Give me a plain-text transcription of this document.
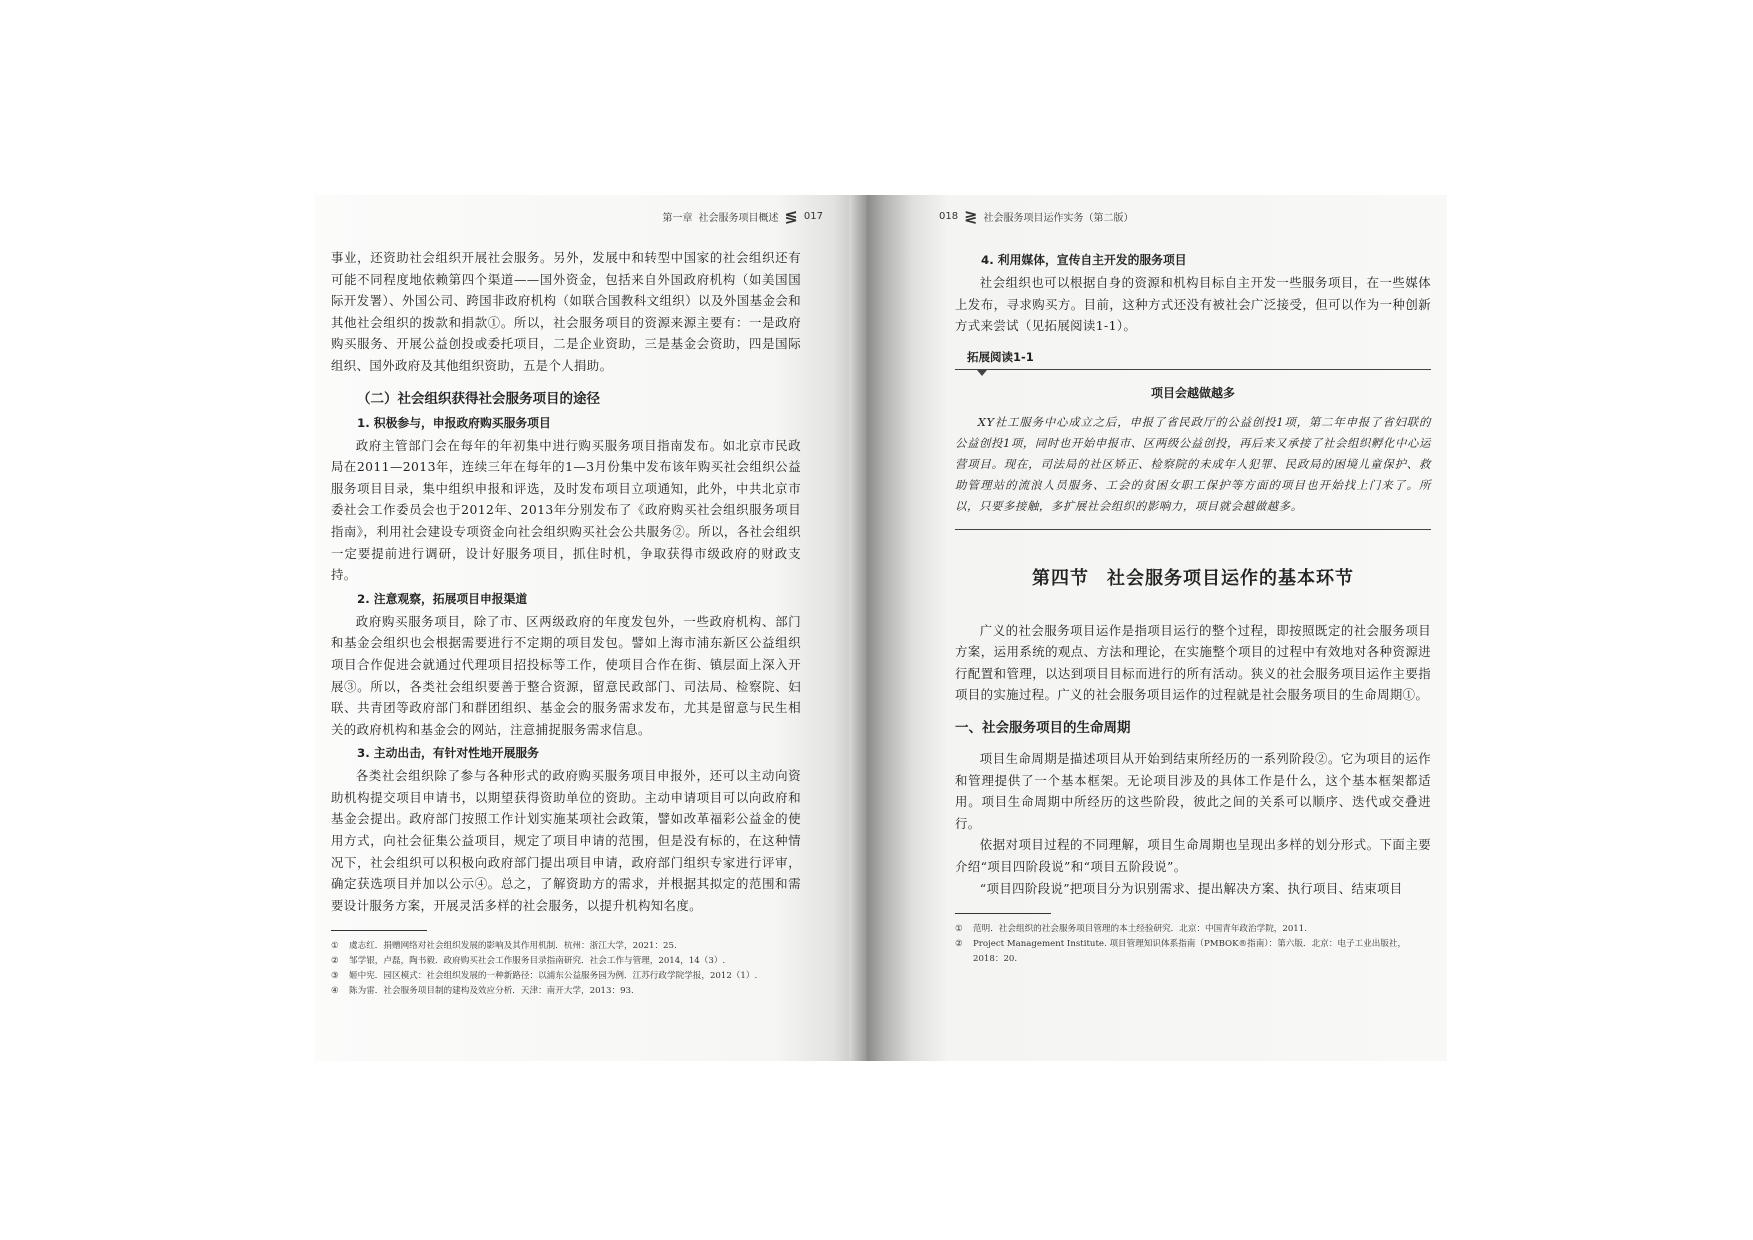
第一章 社会服务项目概述 ≶ 017

事业，还资助社会组织开展社会服务。另外，发展中和转型中国家的社会组织还有可能不同程度地依赖第四个渠道——国外资金，包括来自外国政府机构（如美国国际开发署）、外国公司、跨国非政府机构（如联合国教科文组织）以及外国基金会和其他社会组织的拨款和捐款①。所以，社会服务项目的资源来源主要有：一是政府购买服务、开展公益创投或委托项目，二是企业资助，三是基金会资助，四是国际组织、国外政府及其他组织资助，五是个人捐助。

（二）社会组织获得社会服务项目的途径
1. 积极参与，申报政府购买服务项目

政府主管部门会在每年的年初集中进行购买服务项目指南发布。如北京市民政局在2011—2013年，连续三年在每年的1—3月份集中发布该年购买社会组织公益服务项目目录，集中组织申报和评选，及时发布项目立项通知，此外，中共北京市委社会工作委员会也于2012年、2013年分别发布了《政府购买社会组织服务项目指南》，利用社会建设专项资金向社会组织购买社会公共服务②。所以，各社会组织一定要提前进行调研，设计好服务项目，抓住时机，争取获得市级政府的财政支持。

2. 注意观察，拓展项目申报渠道

政府购买服务项目，除了市、区两级政府的年度发包外，一些政府机构、部门和基金会组织也会根据需要进行不定期的项目发包。譬如上海市浦东新区公益组织项目合作促进会就通过代理项目招投标等工作，使项目合作在街、镇层面上深入开展③。所以，各类社会组织要善于整合资源，留意民政部门、司法局、检察院、妇联、共青团等政府部门和群团组织、基金会的服务需求发布，尤其是留意与民生相关的政府机构和基金会的网站，注意捕捉服务需求信息。

3. 主动出击，有针对性地开展服务

各类社会组织除了参与各种形式的政府购买服务项目申报外，还可以主动向资助机构提交项目申请书，以期望获得资助单位的资助。主动申请项目可以向政府和基金会提出。政府部门按照工作计划实施某项社会政策，譬如改革福彩公益金的使用方式，向社会征集公益项目，规定了项目申请的范围，但是没有标的，在这种情况下，社会组织可以积极向政府部门提出项目申请，政府部门组织专家进行评审，确定获选项目并加以公示④。总之，了解资助方的需求，并根据其拟定的范围和需要设计服务方案，开展灵活多样的社会服务，以提升机构知名度。

① 虞志红．捐赠网络对社会组织发展的影响及其作用机制．杭州：浙江大学，2021：25.
② 邹学银，卢磊，陶书毅．政府购买社会工作服务目录指南研究．社会工作与管理，2014，14（3）.
③ 姬中宪．园区模式：社会组织发展的一种新路径：以浦东公益服务园为例．江苏行政学院学报，2012（1）.
④ 陈为雷．社会服务项目制的建构及效应分析．天津：南开大学，2013：93.
018 ≷ 社会服务项目运作实务（第二版）
4. 利用媒体，宣传自主开发的服务项目

社会组织也可以根据自身的资源和机构目标自主开发一些服务项目，在一些媒体上发布，寻求购买方。目前，这种方式还没有被社会广泛接受，但可以作为一种创新方式来尝试（见拓展阅读1-1）。

拓展阅读1-1
项目会越做越多

XY社工服务中心成立之后，申报了省民政厅的公益创投1项，第二年申报了省妇联的公益创投1项，同时也开始申报市、区两级公益创投，再后来又承接了社会组织孵化中心运营项目。现在，司法局的社区矫正、检察院的未成年人犯罪、民政局的困境儿童保护、救助管理站的流浪人员服务、工会的贫困女职工保护等方面的项目也开始找上门来了。所以，只要多接触，多扩展社会组织的影响力，项目就会越做越多。

第四节 社会服务项目运作的基本环节

广义的社会服务项目运作是指项目运行的整个过程，即按照既定的社会服务项目方案，运用系统的观点、方法和理论，在实施整个项目的过程中有效地对各种资源进行配置和管理，以达到项目目标而进行的所有活动。狭义的社会服务项目运作主要指项目的实施过程。广义的社会服务项目运作的过程就是社会服务项目的生命周期①。

一、社会服务项目的生命周期

项目生命周期是描述项目从开始到结束所经历的一系列阶段②。它为项目的运作和管理提供了一个基本框架。无论项目涉及的具体工作是什么，这个基本框架都适用。项目生命周期中所经历的这些阶段，彼此之间的关系可以顺序、迭代或交叠进行。

依据对项目过程的不同理解，项目生命周期也呈现出多样的划分形式。下面主要介绍“项目四阶段说”和“项目五阶段说”。

“项目四阶段说”把项目分为识别需求、提出解决方案、执行项目、结束项目

① 范明．社会组织的社会服务项目管理的本土经验研究．北京：中国青年政治学院，2011.
② Project Management Institute. 项目管理知识体系指南（PMBOK®指南）：第六版．北京：电子工业出版社，2018：20.
